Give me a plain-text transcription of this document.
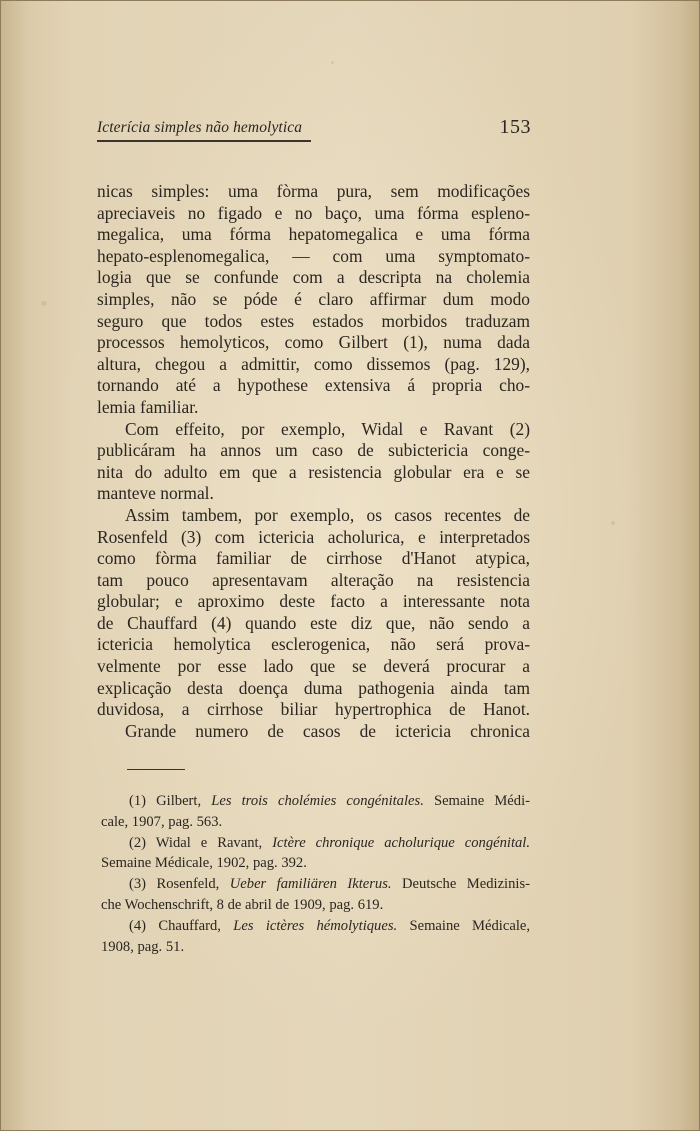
Icterícia simples não hemolytica	153
nicas simples: uma fòrma pura, sem modificações
apreciaveis no figado e no baço, uma fórma espleno-
megalica, uma fórma hepatomegalica e uma fórma
hepato-esplenomegalica, — com uma symptomato-
logia que se confunde com a descripta na cholemia
simples, não se póde é claro affirmar dum modo
seguro que todos estes estados morbidos traduzam
processos hemolyticos, como Gilbert (1), numa dada
altura, chegou a admittir, como dissemos (pag. 129),
tornando até a hypothese extensiva á propria cho-
lemia familiar.
Com effeito, por exemplo, Widal e Ravant (2)
publicáram ha annos um caso de subictericia conge-
nita do adulto em que a resistencia globular era e se
manteve normal.
Assim tambem, por exemplo, os casos recentes de
Rosenfeld (3) com ictericia acholurica, e interpretados
como fòrma familiar de cirrhose d'Hanot atypica,
tam pouco apresentavam alteração na resistencia
globular; e aproximo deste facto a interessante nota
de Chauffard (4) quando este diz que, não sendo a
ictericia hemolytica esclerogenica, não será prova-
velmente por esse lado que se deverá procurar a
explicação desta doença duma pathogenia ainda tam
duvidosa, a cirrhose biliar hypertrophica de Hanot.
Grande numero de casos de ictericia chronica
(1) Gilbert, Les trois cholémies congénitales. Semaine Médi-
cale, 1907, pag. 563.
(2) Widal e Ravant, Ictère chronique acholurique congénital.
Semaine Médicale, 1902, pag. 392.
(3) Rosenfeld, Ueber familiären Ikterus. Deutsche Medizinis-
che Wochenschrift, 8 de abril de 1909, pag. 619.
(4) Chauffard, Les ictères hémolytiques. Semaine Médicale,
1908, pag. 51.
